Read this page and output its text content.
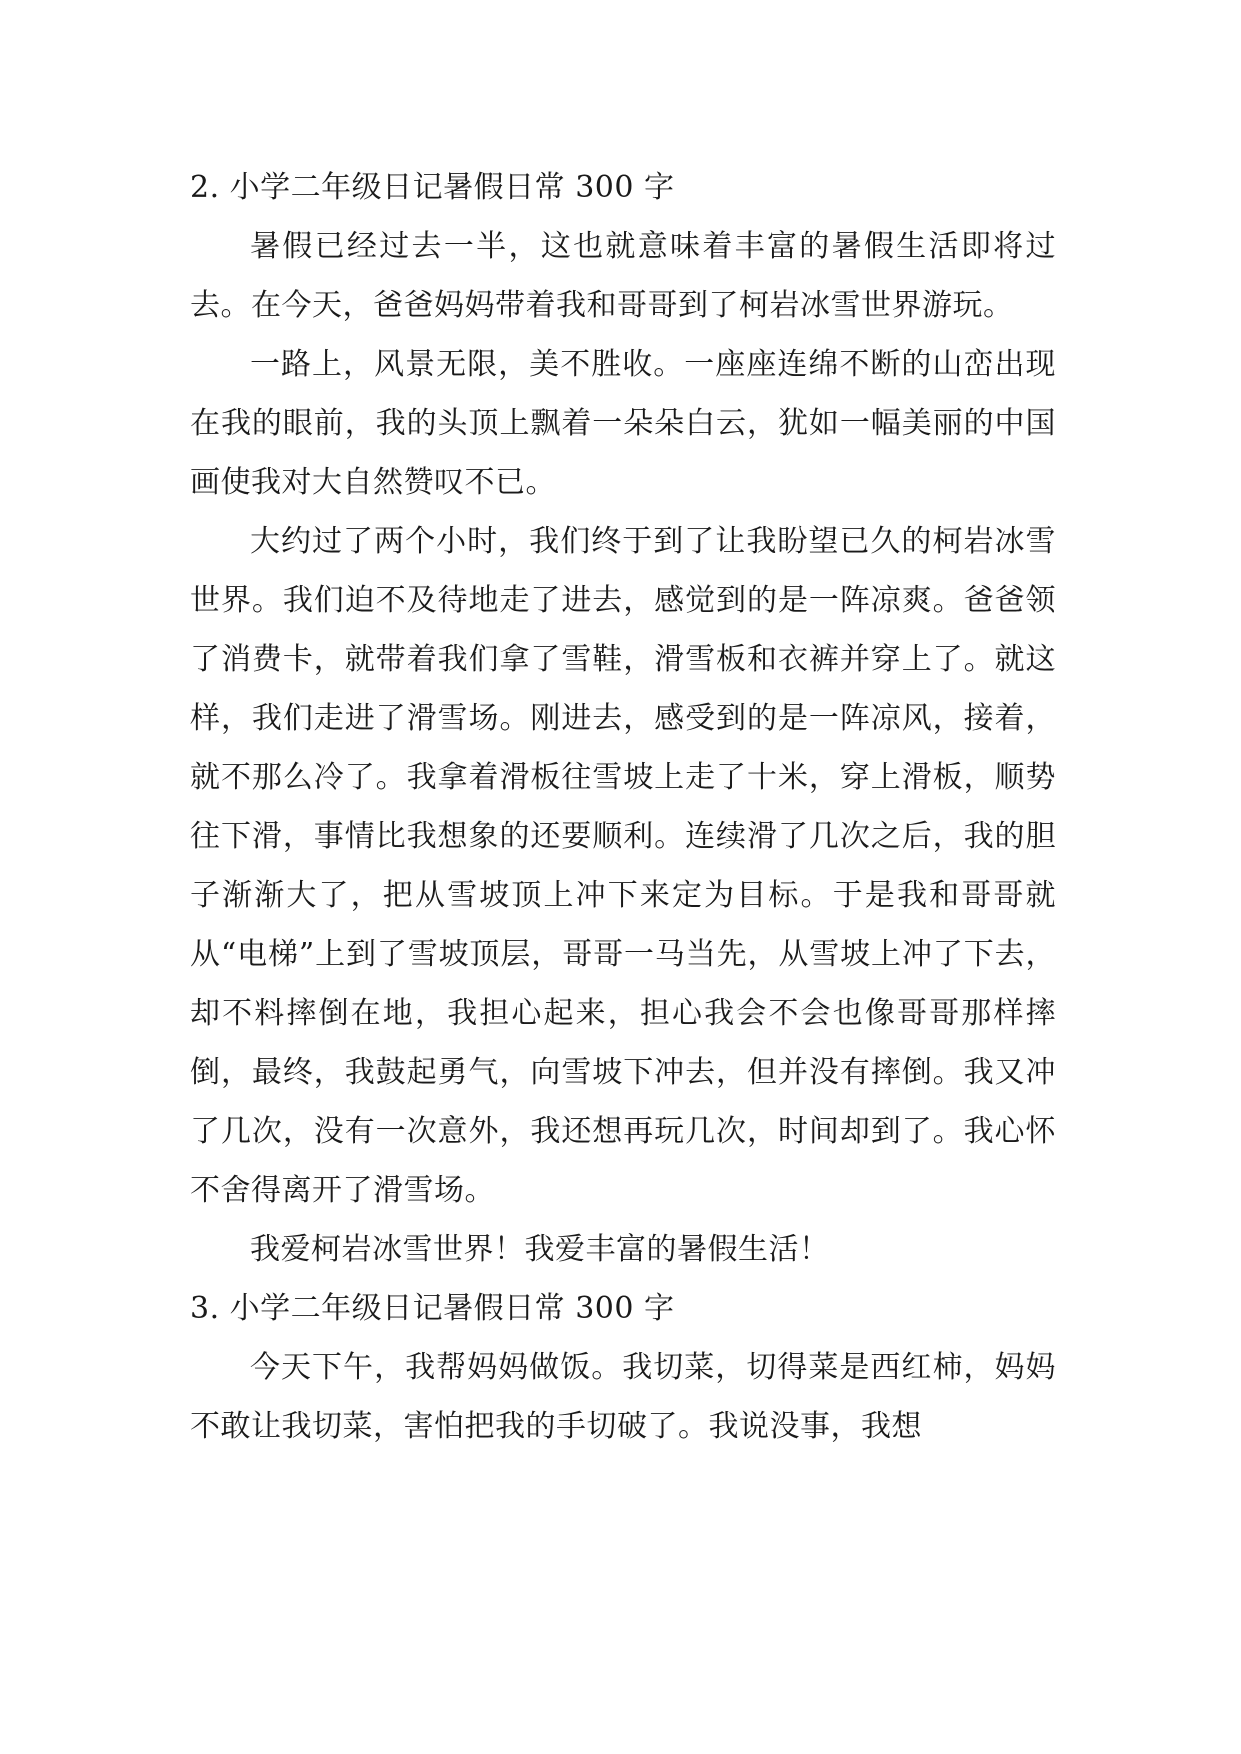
2. 小学二年级日记暑假日常 300 字

暑假已经过去一半，这也就意味着丰富的暑假生活即将过去。在今天，爸爸妈妈带着我和哥哥到了柯岩冰雪世界游玩。

一路上，风景无限，美不胜收。一座座连绵不断的山峦出现在我的眼前，我的头顶上飘着一朵朵白云，犹如一幅美丽的中国画使我对大自然赞叹不已。

大约过了两个小时，我们终于到了让我盼望已久的柯岩冰雪世界。我们迫不及待地走了进去，感觉到的是一阵凉爽。爸爸领了消费卡，就带着我们拿了雪鞋，滑雪板和衣裤并穿上了。就这样，我们走进了滑雪场。刚进去，感受到的是一阵凉风，接着，就不那么冷了。我拿着滑板往雪坡上走了十米，穿上滑板，顺势往下滑，事情比我想象的还要顺利。连续滑了几次之后，我的胆子渐渐大了，把从雪坡顶上冲下来定为目标。于是我和哥哥就从“电梯”上到了雪坡顶层，哥哥一马当先，从雪坡上冲了下去，却不料摔倒在地，我担心起来，担心我会不会也像哥哥那样摔倒，最终，我鼓起勇气，向雪坡下冲去，但并没有摔倒。我又冲了几次，没有一次意外，我还想再玩几次，时间却到了。我心怀不舍得离开了滑雪场。

我爱柯岩冰雪世界！我爱丰富的暑假生活！

3. 小学二年级日记暑假日常 300 字

今天下午，我帮妈妈做饭。我切菜，切得菜是西红柿，妈妈不敢让我切菜，害怕把我的手切破了。我说没事，我想
